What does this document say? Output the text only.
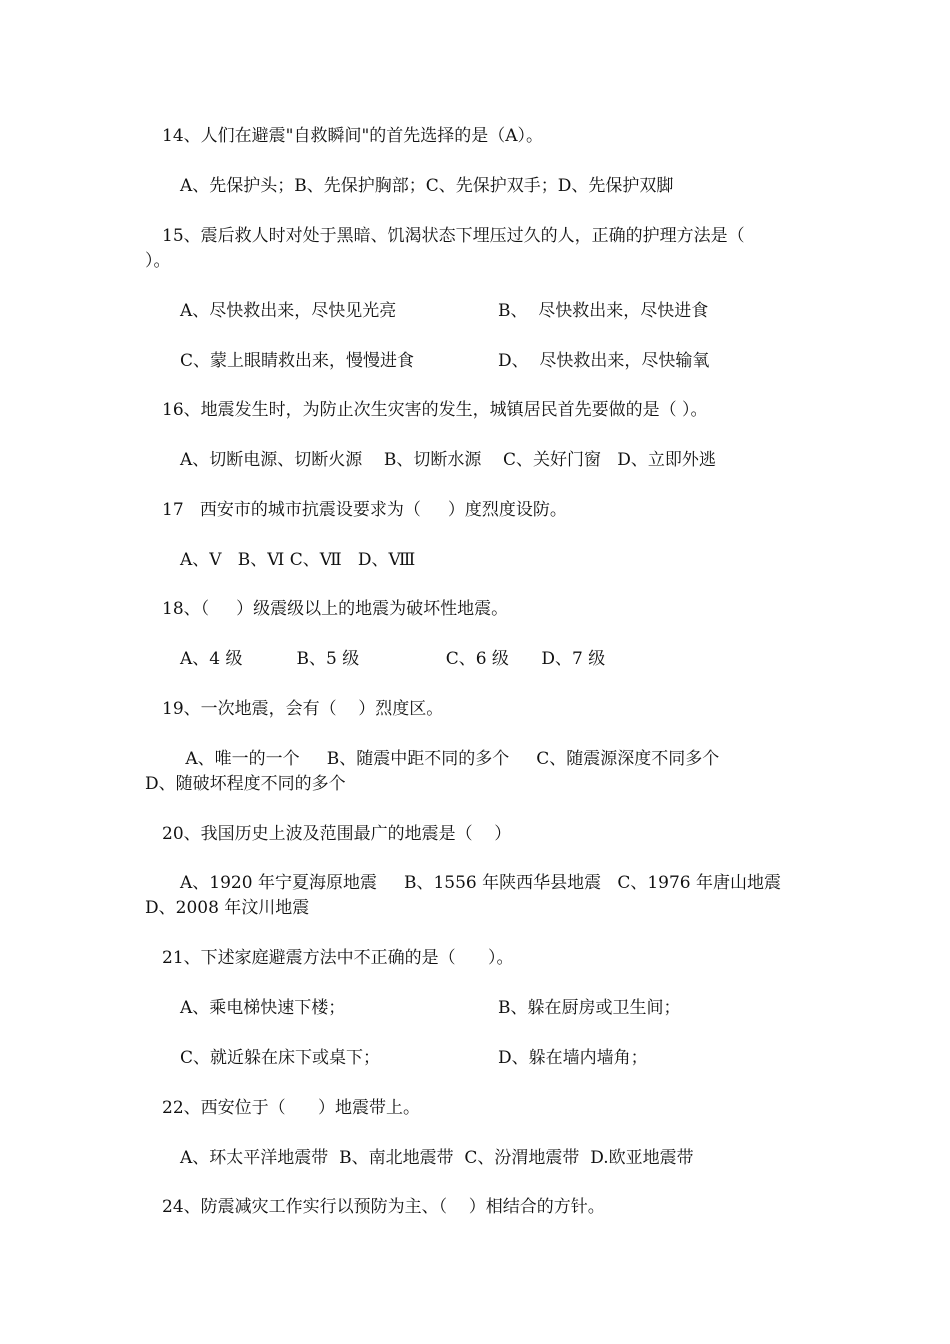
14、人们在避震"自救瞬间"的首先选择的是（A）。
A、先保护头；B、先保护胸部；C、先保护双手；D、先保护双脚
15、震后救人时对处于黑暗、饥渴状态下埋压过久的人，正确的护理方法是（
）。
A、尽快救出来，尽快见光亮	B、  尽快救出来，尽快进食
C、蒙上眼睛救出来，慢慢进食	D、  尽快救出来，尽快输氧
16、地震发生时，为防止次生灾害的发生，城镇居民首先要做的是（ ）。
A、切断电源、切断火源    B、切断水源    C、关好门窗   D、立即外逃
17   西安市的城市抗震设要求为（     ）度烈度设防。
A、Ⅴ   B、Ⅵ C、Ⅶ   D、Ⅷ
18、（     ）级震级以上的地震为破坏性地震。
A、4 级          B、5 级                C、6 级      D、7 级
19、一次地震，会有（    ）烈度区。
A、唯一的一个     B、随震中距不同的多个     C、随震源深度不同多个
D、随破坏程度不同的多个
20、我国历史上波及范围最广的地震是（    ）
A、1920 年宁夏海原地震     B、1556 年陕西华县地震   C、1976 年唐山地震
D、2008 年汶川地震
21、下述家庭避震方法中不正确的是（      ）。
A、乘电梯快速下楼；	B、躲在厨房或卫生间；
C、就近躲在床下或桌下；	D、躲在墙内墙角；
22、西安位于（      ）地震带上。
A、环太平洋地震带  B、南北地震带  C、汾渭地震带  D.欧亚地震带
24、防震减灾工作实行以预防为主、（    ）相结合的方针。
